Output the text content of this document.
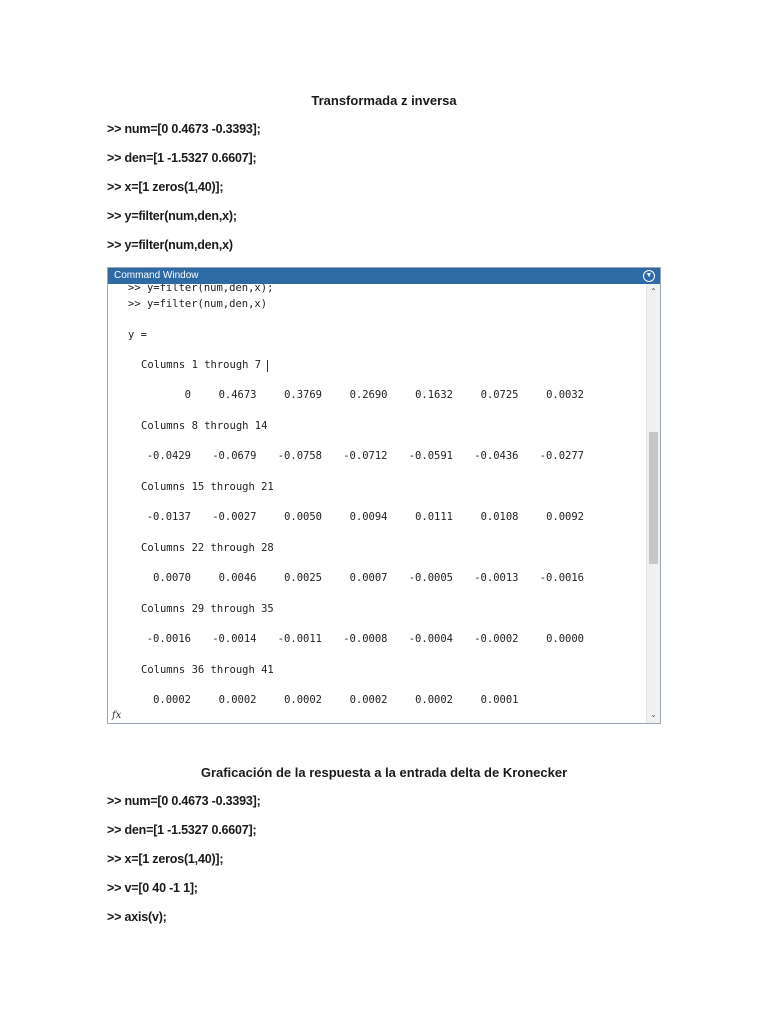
Transformada z inversa

>> num=[0 0.4673 -0.3393];

>> den=[1 -1.5327 0.6607];

>> x=[1 zeros(1,40)];

>> y=filter(num,den,x);

>> y=filter(num,den,x)

Command Window	▼

>> y=filter(num,den,x);

>> y=filter(num,den,x)

y =

Columns 1 through 7

0	0.4673	0.3769	0.2690	0.1632	0.0725	0.0032

Columns 8 through 14

-0.0429	-0.0679	-0.0758	-0.0712	-0.0591	-0.0436	-0.0277

Columns 15 through 21

-0.0137	-0.0027	0.0050	0.0094	0.0111	0.0108	0.0092

Columns 22 through 28

0.0070	0.0046	0.0025	0.0007	-0.0005	-0.0013	-0.0016

Columns 29 through 35

-0.0016	-0.0014	-0.0011	-0.0008	-0.0004	-0.0002	0.0000

Columns 36 through 41

0.0002	0.0002	0.0002	0.0002	0.0002	0.0001
fx
⌃
⌄
Graficación de la respuesta a la entrada delta de Kronecker

>> num=[0 0.4673 -0.3393];

>> den=[1 -1.5327 0.6607];

>> x=[1 zeros(1,40)];

>> v=[0 40 -1 1];

>> axis(v);
